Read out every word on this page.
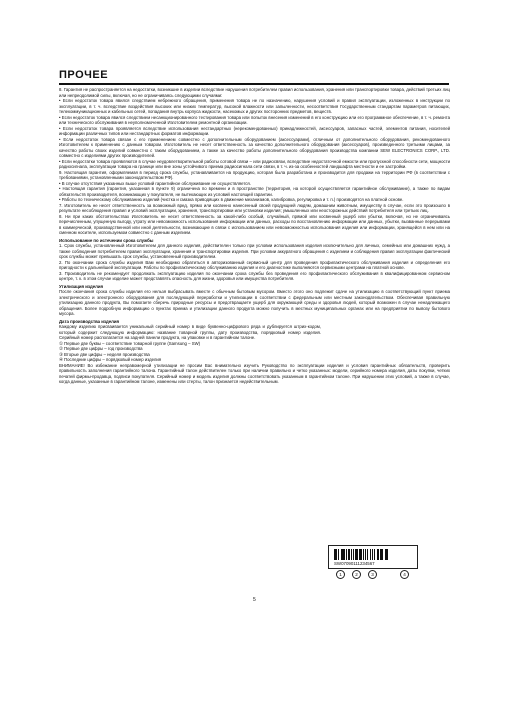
ПРОЧЕЕ

8. Гарантия не распространяется на недостатки, возникшие в изделии вследствие нарушения потребителем правил использования, хранения или транспортировки товара, действий третьих лиц или непреодолимой силы, включая, но не ограничиваясь следующими случаями:

• Если недостаток товара явился следствием небрежного обращения, применения товара не по назначению, нарушения условий и правил эксплуатации, изложенных в инструкции по эксплуатации, в т. ч. вследствие воздействия высоких или низких температур, высокой влажности или запыленности, несоответствия Государственным стандартам параметров питающих, телекоммуникационных и кабельных сетей, попадания внутрь корпуса жидкости, насекомых и других посторонних предметов, веществ.

• Если недостаток товара явился следствием несанкционированного тестирования товара или попыток внесения изменений в его конструкцию или его программное обеспечение, в т. ч. ремонта или технического обслуживания в неуполномоченной Изготовителем ремонтной организации.

• Если недостаток товара проявляется вследствие использования нестандартных (нерекомендованных) принадлежностей, аксессуаров, запасных частей, элементов питания, носителей информации различных типов или нестандартных форматов информации.

• Если недостаток товара связан с его применением совместно с дополнительным оборудованием (аксессуарами), отличным от дополнительного оборудования, рекомендованного Изготовителем к применению с данным товаром. Изготовитель не несет ответственность за качество дополнительного оборудования (аксессуаров), произведенного третьими лицами, за качество работы своих изделий совместно с таким оборудованием, а также за качество работы дополнительного оборудования производства компании SEW ELECTRONICS CORP., LTD. совместно с изделиями других производителей.

• Если недостатки товара проявляются в случае неудовлетворительной работы сотовой связи – или радиосвязи, вследствие недостаточной емкости или пропускной способности сети, мощности радиосигнала, эксплуатации товара на границе или вне зоны устойчивого приема радиосигнала сети связи, в т. ч. из-за особенностей ландшафта местности и ее застройки.

9. Настоящая гарантия, оформляемая в период срока службы, устанавливается на продукцию, которая была разработана и производится для продажи на территории РФ (в соответствии с требованиями, установленными законодательством РФ).

• В случае отсутствия указанных выше условий гарантийное обслуживание не осуществляется.

• Настоящая гарантия (гарантия, указанная в пункте 9) ограничена по времени и в пространстве (территория, на которой осуществляется гарантийное обслуживание), а также по видам обязательств производителя, возникающих у покупателя, не вытекающих из условий настоящей гарантии.

• Работы по техническому обслуживанию изделий (чистка и смазка приводящих в движение механизмов, калибровка, регулировка и т. п.) производятся на платной основе.

7. Изготовитель не несет ответственность за возможный вред, прямо или косвенно нанесенный своей продукцией людям, домашним животным, имуществу в случае, если это произошло в результате несоблюдения правил и условий эксплуатации, хранения, транспортировки или установки изделия; умышленных или неосторожных действий потребителя или третьих лиц.

8. Ни при каких обстоятельствах Изготовитель не несет ответственность за какой-либо особый, случайный, прямой или косвенный ущерб или убытки, включая, но не ограничиваясь перечисленным, упущенную выгоду, утрату или невозможность использования информации или данных, расходы по восстановлению информации или данных, убытки, вызванные перерывами в коммерческой, производственной или иной деятельности, возникающие в связи с использованием или невозможностью использования изделия или информации, хранящейся в нем или на сменном носителе, используемом совместно с данным изделием.

Использование по истечении срока службы

1. Срок службы, установленный Изготовителем для данного изделия, действителен только при условии использования изделия исключительно для личных, семейных или домашних нужд, а также соблюдения потребителем правил эксплуатации, хранения и транспортировки изделия. При условии аккуратного обращения с изделием и соблюдения правил эксплуатации фактический срок службы может превышать срок службы, установленный производителем.

2. По окончании срока службы изделия Вам необходимо обратиться в авторизованный сервисный центр для проведения профилактического обслуживания изделия и определения его пригодности к дальнейшей эксплуатации. Работы по профилактическому обслуживанию изделия и его диагностике выполняются сервисными центрами на платной основе.

3. Производитель не рекомендует продолжать эксплуатацию изделия по окончании срока службы без проведения его профилактического обслуживания в квалифицированном сервисном центре, т. к. в этом случае изделие может представлять опасность для жизни, здоровья или имущества потребителя.

Утилизация изделия

После окончания срока службы изделия его нельзя выбрасывать вместе с обычным бытовым мусором. Вместо этого оно подлежит сдаче на утилизацию в соответствующий пункт приема электрического и электронного оборудования для последующей переработки и утилизации в соответствии с федеральным или местным законодательством. Обеспечивая правильную утилизацию данного продукта, Вы помогаете сберечь природные ресурсы и предотвращаете ущерб для окружающей среды и здоровья людей, который возможен в случае ненадлежащего обращения. Более подробную информацию о пунктах приема и утилизации данного продукта можно получить в местных муниципальных органах или на предприятии по вывозу бытового мусора.

Дата производства изделия

Каждому изделию присваивается уникальный серийный номер в виде буквенно-цифрового ряда и дублируется штрих-кодом, который содержит следующую информацию: название товарной группы, дату производства, порядковый номер изделия. Серийный номер располагается на задней панели продукта, на упаковке и в гарантийном талоне.

① Первые две буквы – соответствие товарной группе (Samsung – SW)

② Первые две цифры – год производства

③ Вторые две цифры – неделя производства

④ Последние цифры – порядковый номер изделия

ВНИМАНИЕ! Во избежание неправомерной утилизации не просим Вас внимательно изучить Руководство по эксплуатации изделия и условия гарантийных обязательств, проверить правильность заполнения гарантийного талона. Гарантийный талон действителен только при наличии правильно и четко указанных: модели, серийного номера изделия, даты покупки, четких печатей фирмы-продавца, подписи покупателя. Серийный номер и модель изделия должны соответствовать указанным в гарантийном талоне. При нарушении этих условий, а также в случае, когда данные, указанные в гарантийном талоне, изменены или стерты, талон признается недействительным.

SW07090111234567
1	2	3	4
5
